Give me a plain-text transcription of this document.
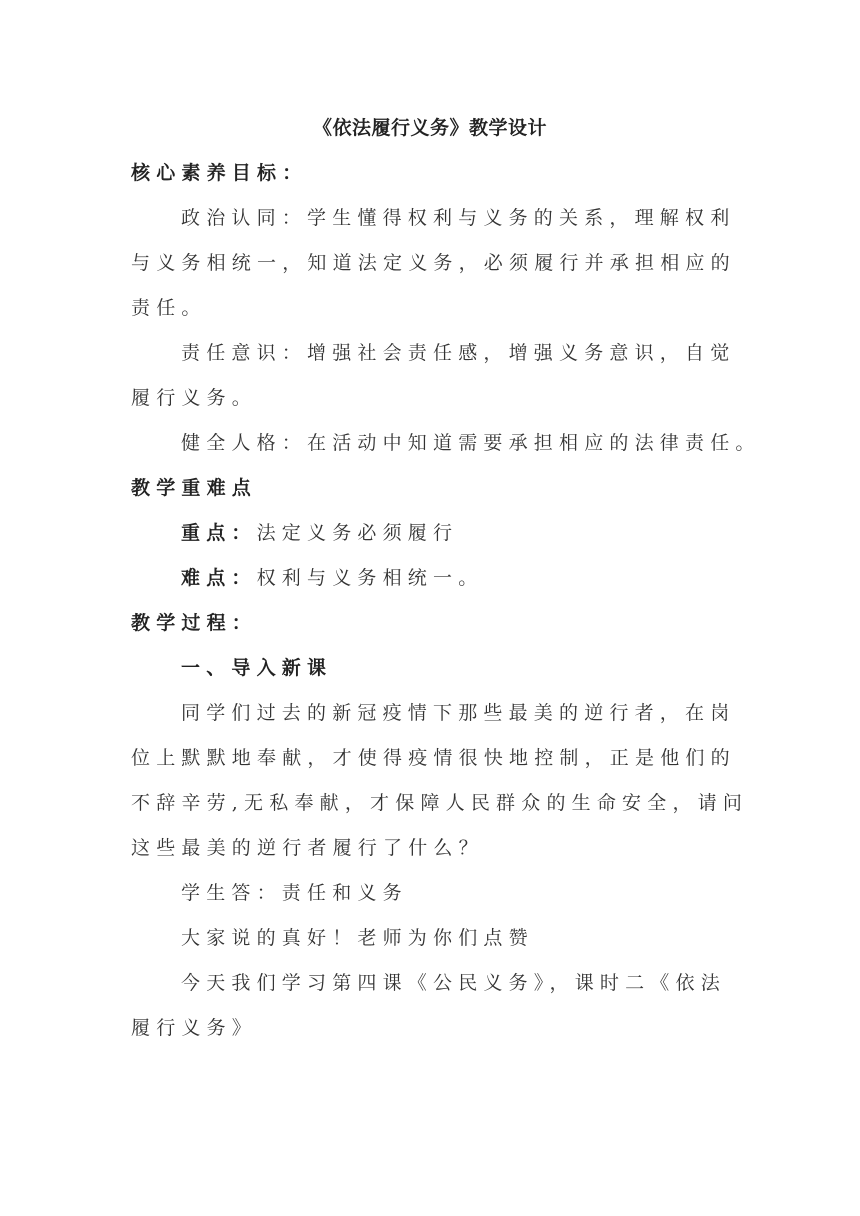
《依法履行义务》教学设计
核心素养目标：
政治认同：学生懂得权利与义务的关系，理解权利
与义务相统一，知道法定义务，必须履行并承担相应的
责任。
责任意识：增强社会责任感，增强义务意识，自觉
履行义务。
健全人格：在活动中知道需要承担相应的法律责任。
教学重难点
重点：法定义务必须履行
难点：权利与义务相统一。
教学过程：
一、导入新课
同学们过去的新冠疫情下那些最美的逆行者，在岗
位上默默地奉献，才使得疫情很快地控制，正是他们的
不辞辛劳,无私奉献，才保障人民群众的生命安全，请问
这些最美的逆行者履行了什么？
学生答：责任和义务
大家说的真好！老师为你们点赞
今天我们学习第四课《公民义务》，课时二《依法
履行义务》
